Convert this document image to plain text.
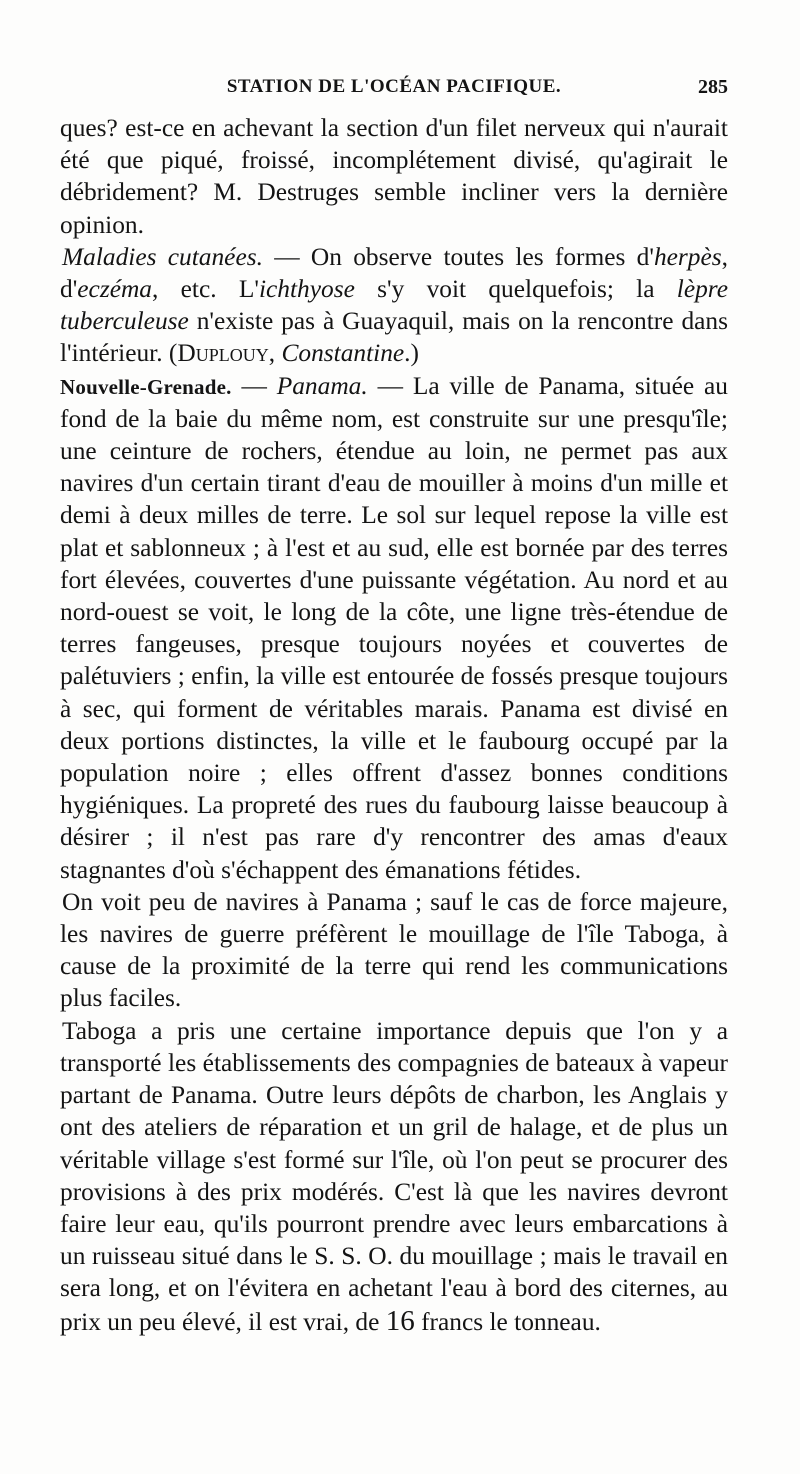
STATION DE L'OCÉAN PACIFIQUE.	285

ques? est-ce en achevant la section d'un filet nerveux qui n'aurait été que piqué, froissé, incomplétement divisé, qu'agirait le débridement? M. Destruges semble incliner vers la dernière opinion.

Maladies cutanées. — On observe toutes les formes d'herpès, d'eczéma, etc. L'ichthyose s'y voit quelquefois; la lèpre tuberculeuse n'existe pas à Guayaquil, mais on la rencontre dans l'intérieur. (Duplouy, Constantine.)

Nouvelle-Grenade. — Panama. — La ville de Panama, située au fond de la baie du même nom, est construite sur une presqu'île; une ceinture de rochers, étendue au loin, ne permet pas aux navires d'un certain tirant d'eau de mouiller à moins d'un mille et demi à deux milles de terre. Le sol sur lequel repose la ville est plat et sablonneux ; à l'est et au sud, elle est bornée par des terres fort élevées, couvertes d'une puissante végétation. Au nord et au nord-ouest se voit, le long de la côte, une ligne très-étendue de terres fangeuses, presque toujours noyées et couvertes de palétuviers ; enfin, la ville est entourée de fossés presque toujours à sec, qui forment de véritables marais. Panama est divisé en deux portions distinctes, la ville et le faubourg occupé par la population noire ; elles offrent d'assez bonnes conditions hygiéniques. La propreté des rues du faubourg laisse beaucoup à désirer ; il n'est pas rare d'y rencontrer des amas d'eaux stagnantes d'où s'échappent des émanations fétides.

On voit peu de navires à Panama ; sauf le cas de force majeure, les navires de guerre préfèrent le mouillage de l'île Taboga, à cause de la proximité de la terre qui rend les communications plus faciles.

Taboga a pris une certaine importance depuis que l'on y a transporté les établissements des compagnies de bateaux à vapeur partant de Panama. Outre leurs dépôts de charbon, les Anglais y ont des ateliers de réparation et un gril de halage, et de plus un véritable village s'est formé sur l'île, où l'on peut se procurer des provisions à des prix modérés. C'est là que les navires devront faire leur eau, qu'ils pourront prendre avec leurs embarcations à un ruisseau situé dans le S. S. O. du mouillage ; mais le travail en sera long, et on l'évitera en achetant l'eau à bord des citernes, au prix un peu élevé, il est vrai, de 16 francs le tonneau.
